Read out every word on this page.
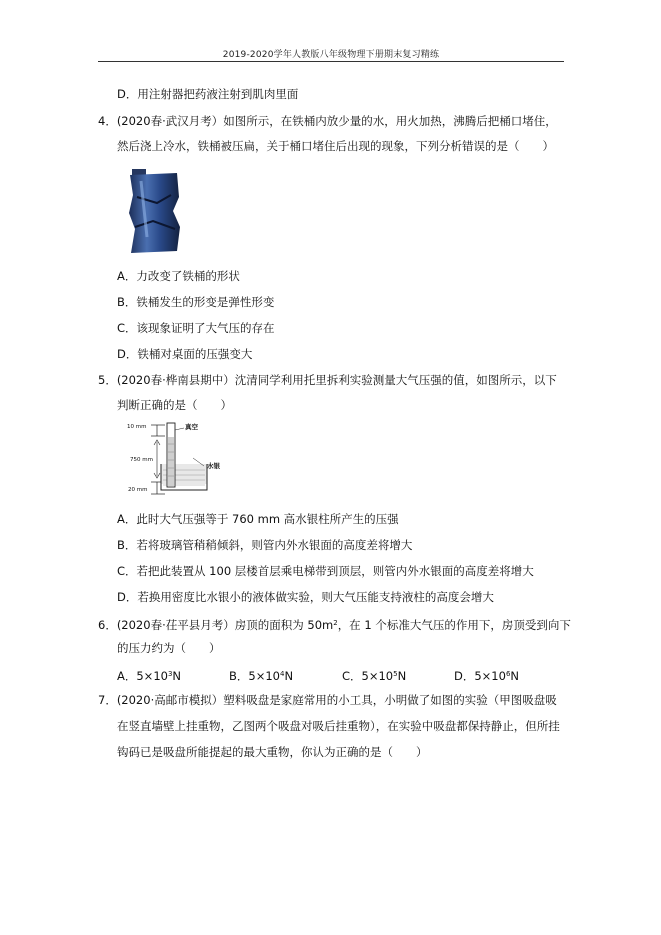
2019-2020学年人教版八年级物理下册期末复习精练
D．用注射器把药液注射到肌肉里面
4．(2020春·武汉月考）如图所示，在铁桶内放少量的水，用火加热，沸腾后把桶口堵住，
然后浇上冷水，铁桶被压扁，关于桶口堵住后出现的现象，下列分析错误的是（　　）
A．力改变了铁桶的形状
B．铁桶发生的形变是弹性形变
C．该现象证明了大气压的存在
D．铁桶对桌面的压强变大
5．(2020春·桦南县期中）沈清同学利用托里拆利实验测量大气压强的值，如图所示，以下
判断正确的是（　　）
10 mm	真空
750 mm
水银
20 mm
A．此时大气压强等于 760 mm 高水银柱所产生的压强
B．若将玻璃管稍稍倾斜，则管内外水银面的高度差将增大
C．若把此装置从 100 层楼首层乘电梯带到顶层，则管内外水银面的高度差将增大
D．若换用密度比水银小的液体做实验，则大气压能支持液柱的高度会增大
6．(2020春·茌平县月考）房顶的面积为 $50m^2$，在 1 个标准大气压的作用下，房顶受到向下
的压力约为（　　）
A．$5\times 10^3N$	B．$5\times 10^4N$	C．$5\times 10^5N$	D．$5\times 10^6N$
7．(2020·高邮市模拟）塑料吸盘是家庭常用的小工具，小明做了如图的实验（甲图吸盘吸
在竖直墙壁上挂重物，乙图两个吸盘对吸后挂重物），在实验中吸盘都保持静止，但所挂
钩码已是吸盘所能提起的最大重物，你认为正确的是（　　）
